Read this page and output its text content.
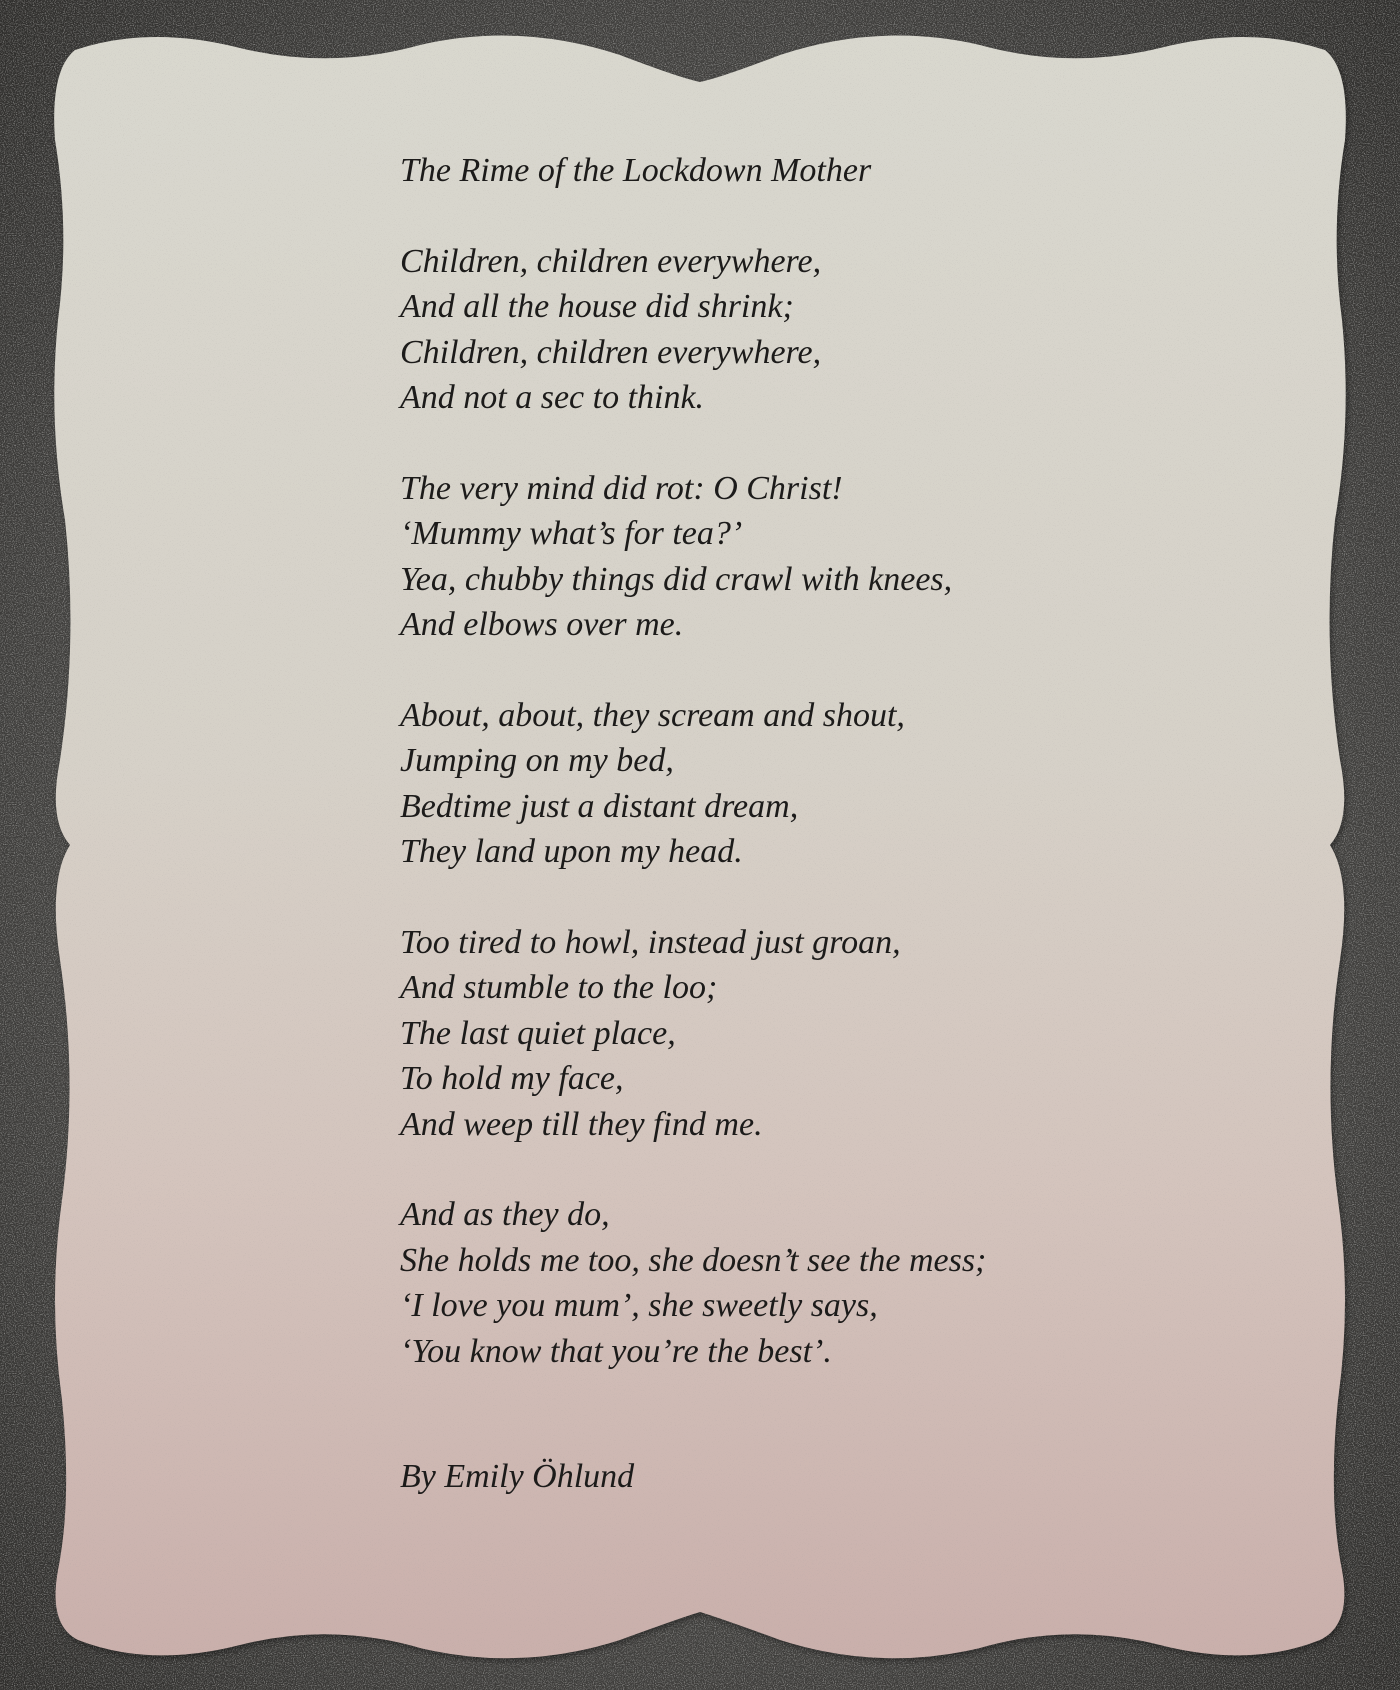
The Rime of the Lockdown Mother
Children, children everywhere,
And all the house did shrink;
Children, children everywhere,
And not a sec to think.
The very mind did rot: O Christ!
‘Mummy what’s for tea?’
Yea, chubby things did crawl with knees,
And elbows over me.
About, about, they scream and shout,
Jumping on my bed,
Bedtime just a distant dream,
They land upon my head.
Too tired to howl, instead just groan,
And stumble to the loo;
The last quiet place,
To hold my face,
And weep till they find me.
And as they do,
She holds me too, she doesn’t see the mess;
‘I love you mum’, she sweetly says,
‘You know that you’re the best’.
By Emily Öhlund
